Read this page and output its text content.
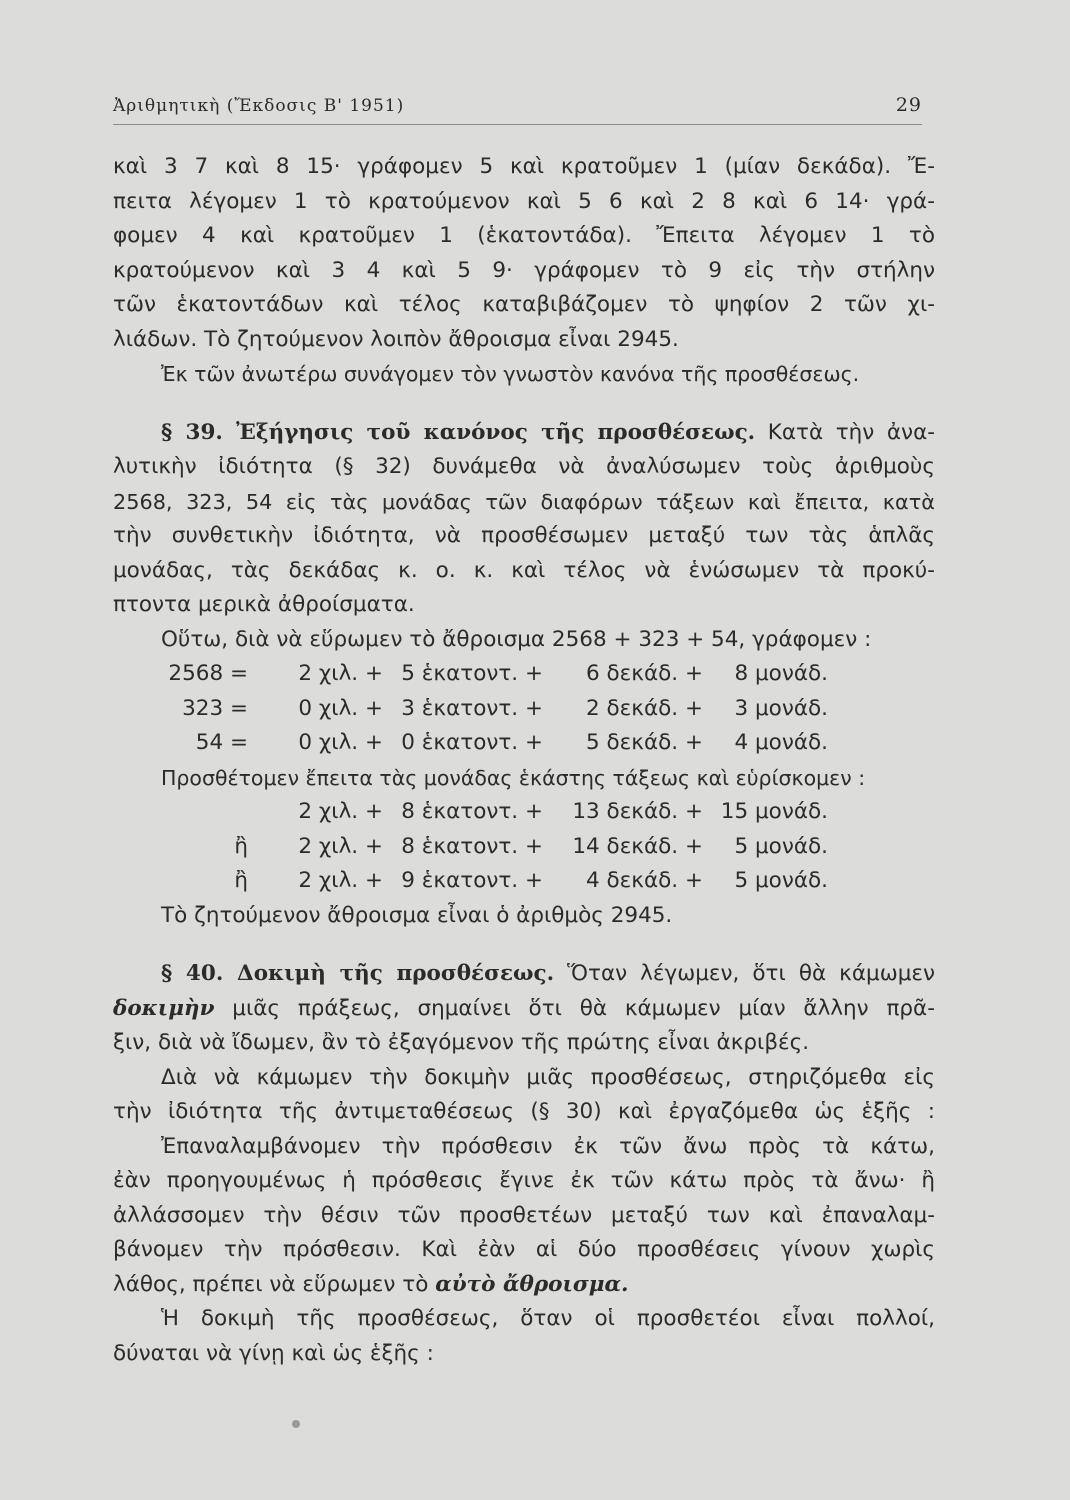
Ἀριθμητικὴ (Ἔκδοσις Β' 1951)	29
καὶ 3 7 καὶ 8 15· γράφομεν 5 καὶ κρατοῦμεν 1 (μίαν δεκάδα). Ἔ-
πειτα λέγομεν 1 τὸ κρατούμενον καὶ 5 6 καὶ 2 8 καὶ 6 14· γρά-
φομεν 4 καὶ κρατοῦμεν 1 (ἑκατοντάδα). Ἔπειτα λέγομεν 1 τὸ
κρατούμενον καὶ 3 4 καὶ 5 9· γράφομεν τὸ 9 εἰς τὴν στήλην
τῶν ἑκατοντάδων καὶ τέλος καταβιβάζομεν τὸ ψηφίον 2 τῶν χι-
λιάδων. Τὸ ζητούμενον λοιπὸν ἄθροισμα εἶναι 2945.
Ἐκ τῶν ἀνωτέρω συνάγομεν τὸν γνωστὸν κανόνα τῆς προσθέσεως.
§ 39. Ἐξήγησις τοῦ κανόνος τῆς προσθέσεως. Κατὰ τὴν ἀνα-
λυτικὴν ἰδιότητα (§ 32) δυνάμεθα νὰ ἀναλύσωμεν τοὺς ἀριθμοὺς
2568, 323, 54 εἰς τὰς μονάδας τῶν διαφόρων τάξεων καὶ ἔπειτα, κατὰ
τὴν συνθετικὴν ἰδιότητα, νὰ προσθέσωμεν μεταξύ των τὰς ἁπλᾶς
μονάδας, τὰς δεκάδας κ. ο. κ. καὶ τέλος νὰ ἑνώσωμεν τὰ προκύ-
πτοντα μερικὰ ἀθροίσματα.
Οὕτω, διὰ νὰ εὕρωμεν τὸ ἄθροισμα 2568 + 323 + 54, γράφομεν :
2568 =	2 χιλ. + 5 ἑκατοντ. +	6 δεκάδ. +	8 μονάδ.
323 =	0 χιλ. + 3 ἑκατοντ. +	2 δεκάδ. +	3 μονάδ.
54 =	0 χιλ. + 0 ἑκατοντ. +	5 δεκάδ. +	4 μονάδ.
Προσθέτομεν ἔπειτα τὰς μονάδας ἑκάστης τάξεως καὶ εὑρίσκομεν :
2 χιλ. + 8 ἑκατοντ. +	13 δεκάδ. + 15 μονάδ.
ἢ	2 χιλ. + 8 ἑκατοντ. +	14 δεκάδ. +	5 μονάδ.
ἢ	2 χιλ. + 9 ἑκατοντ. +	4 δεκάδ. +	5 μονάδ.
Τὸ ζητούμενον ἄθροισμα εἶναι ὁ ἀριθμὸς 2945.
§ 40. Δοκιμὴ τῆς προσθέσεως. Ὅταν λέγωμεν, ὅτι θὰ κάμωμεν
δοκιμὴν μιᾶς πράξεως, σημαίνει ὅτι θὰ κάμωμεν μίαν ἄλλην πρᾶ-
ξιν, διὰ νὰ ἴδωμεν, ἂν τὸ ἐξαγόμενον τῆς πρώτης εἶναι ἀκριβές.
Διὰ νὰ κάμωμεν τὴν δοκιμὴν μιᾶς προσθέσεως, στηριζόμεθα εἰς
τὴν ἰδιότητα τῆς ἀντιμεταθέσεως (§ 30) καὶ ἐργαζόμεθα ὡς ἑξῆς :
Ἐπαναλαμβάνομεν τὴν πρόσθεσιν ἐκ τῶν ἄνω πρὸς τὰ κάτω,
ἐὰν προηγουμένως ἡ πρόσθεσις ἔγινε ἐκ τῶν κάτω πρὸς τὰ ἄνω· ἢ
ἀλλάσσομεν τὴν θέσιν τῶν προσθετέων μεταξύ των καὶ ἐπαναλαμ-
βάνομεν τὴν πρόσθεσιν. Καὶ ἐὰν αἱ δύο προσθέσεις γίνουν χωρὶς
λάθος, πρέπει νὰ εὕρωμεν τὸ αὐτὸ ἄθροισμα.
Ἡ δοκιμὴ τῆς προσθέσεως, ὅταν οἱ προσθετέοι εἶναι πολλοί,
δύναται νὰ γίνῃ καὶ ὡς ἑξῆς :
